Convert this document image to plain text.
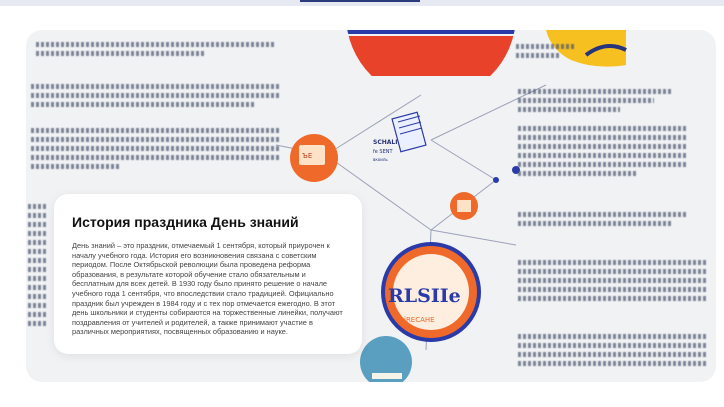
ЪЕ
SCHALI
fe SENT
вкоиль
RLSIIe
jRECAHE
История праздника День знаний
День знаний – это праздник, отмечаемый 1 сентября, который приурочен к началу учебного года. История его возникновения связана с советским периодом. После Октябрьской революции была проведена реформа образования, в результате которой обучение стало обязательным и бесплатным для всех детей. В 1930 году было принято решение о начале учебного года 1 сентября, что впоследствии стало традицией. Официально праздник был учрежден в 1984 году и с тех пор отмечается ежегодно. В этот день школьники и студенты собираются на торжественные линейки, получают поздравления от учителей и родителей, а также принимают участие в различных мероприятиях, посвященных образованию и науке.
